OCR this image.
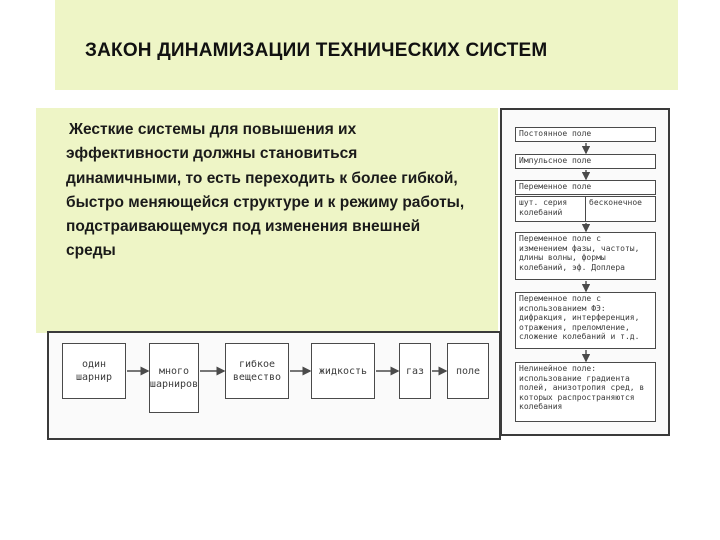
ЗАКОН ДИНАМИЗАЦИИ ТЕХНИЧЕСКИХ СИСТЕМ
Жесткие системы для повышения их эффективности должны становиться динамичными, то есть переходить к более гибкой, быстро меняющейся структуре и к режиму работы, подстраивающемуся под изменения внешней среды
Постоянное поле
Импульсное поле
Переменное поле
шут. серия колебаний
бесконечное
Переменное поле с изменением фазы, частоты, длины волны, формы колебаний, эф. Доплера
Переменное поле с использованием ФЭ: дифракция, интерференция, отражения, преломление, сложение колебаний и т.д.
Нелинейное поле: использование градиента полей, анизотропия сред, в которых распространяются колебания
один шарнир
много шарниров
гибкое вещество
жидкость	газ	поле
